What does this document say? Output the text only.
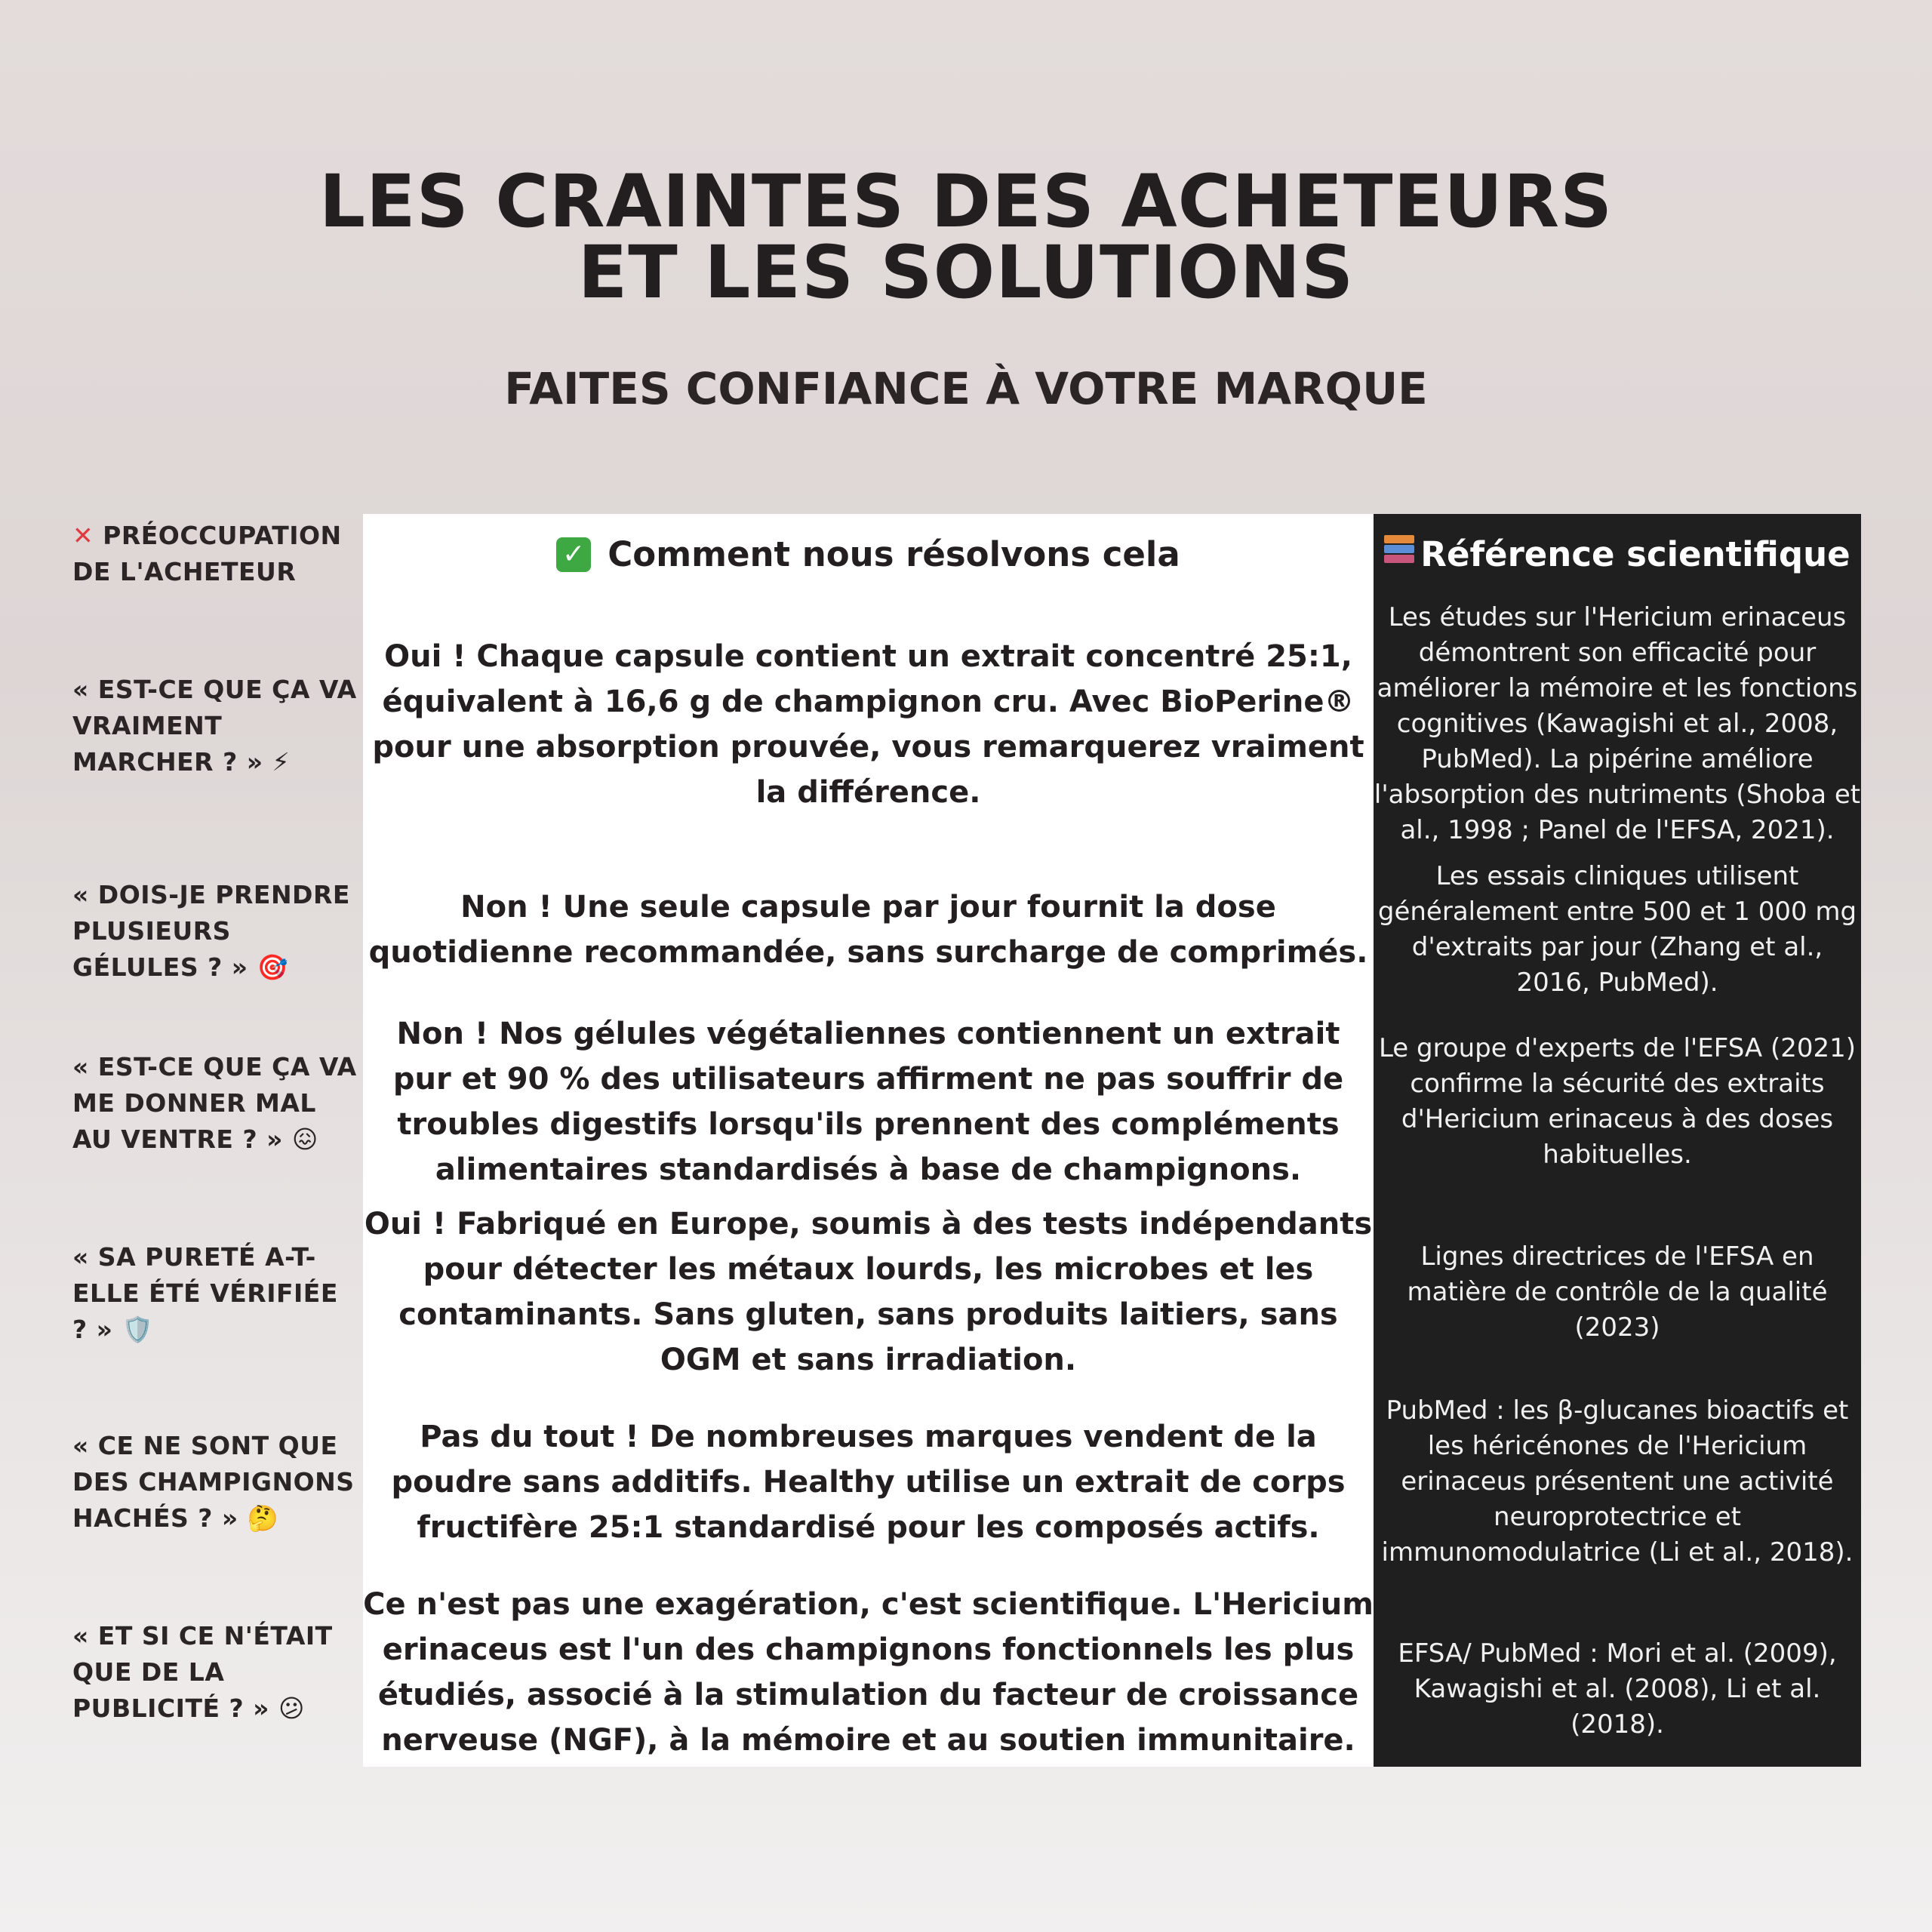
LES CRAINTES DES ACHETEURS
ET LES SOLUTIONS
FAITES CONFIANCE À VOTRE MARQUE
✕ PRÉOCCUPATION
DE L'ACHETEUR
✓ Comment nous résolvons cela	Référence scientifique
« EST-CE QUE ÇA VA VRAIMENT MARCHER ? » ⚡
Oui ! Chaque capsule contient un extrait concentré 25:1, équivalent à 16,6 g de champignon cru. Avec BioPerine® pour une absorption prouvée, vous remarquerez vraiment la différence.
Les études sur l'Hericium erinaceus démontrent son efficacité pour améliorer la mémoire et les fonctions cognitives (Kawagishi et al., 2008, PubMed). La pipérine améliore l'absorption des nutriments (Shoba et al., 1998 ; Panel de l'EFSA, 2021).
« DOIS-JE PRENDRE PLUSIEURS GÉLULES ? » 🎯
Non ! Une seule capsule par jour fournit la dose quotidienne recommandée, sans surcharge de comprimés.
Les essais cliniques utilisent généralement entre 500 et 1 000 mg d'extraits par jour (Zhang et al., 2016, PubMed).
« EST-CE QUE ÇA VA ME DONNER MAL AU VENTRE ? » 😖
Non ! Nos gélules végétaliennes contiennent un extrait pur et 90 % des utilisateurs affirment ne pas souffrir de troubles digestifs lorsqu'ils prennent des compléments alimentaires standardisés à base de champignons.
Le groupe d'experts de l'EFSA (2021) confirme la sécurité des extraits d'Hericium erinaceus à des doses habituelles.
« SA PURETÉ A-T-ELLE ÉTÉ VÉRIFIÉE ? » 🛡️
Oui ! Fabriqué en Europe, soumis à des tests indépendants pour détecter les métaux lourds, les microbes et les contaminants. Sans gluten, sans produits laitiers, sans OGM et sans irradiation.
Lignes directrices de l'EFSA en matière de contrôle de la qualité (2023)
« CE NE SONT QUE DES CHAMPIGNONS HACHÉS ? » 🤔
Pas du tout ! De nombreuses marques vendent de la poudre sans additifs. Healthy utilise un extrait de corps fructifère 25:1 standardisé pour les composés actifs.
PubMed : les β-glucanes bioactifs et les héricénones de l'Hericium erinaceus présentent une activité neuroprotectrice et immunomodulatrice (Li et al., 2018).
« ET SI CE N'ÉTAIT QUE DE LA PUBLICITÉ ? » 😕
Ce n'est pas une exagération, c'est scientifique. L'Hericium erinaceus est l'un des champignons fonctionnels les plus étudiés, associé à la stimulation du facteur de croissance nerveuse (NGF), à la mémoire et au soutien immunitaire.
EFSA/ PubMed : Mori et al. (2009), Kawagishi et al. (2008), Li et al. (2018).
